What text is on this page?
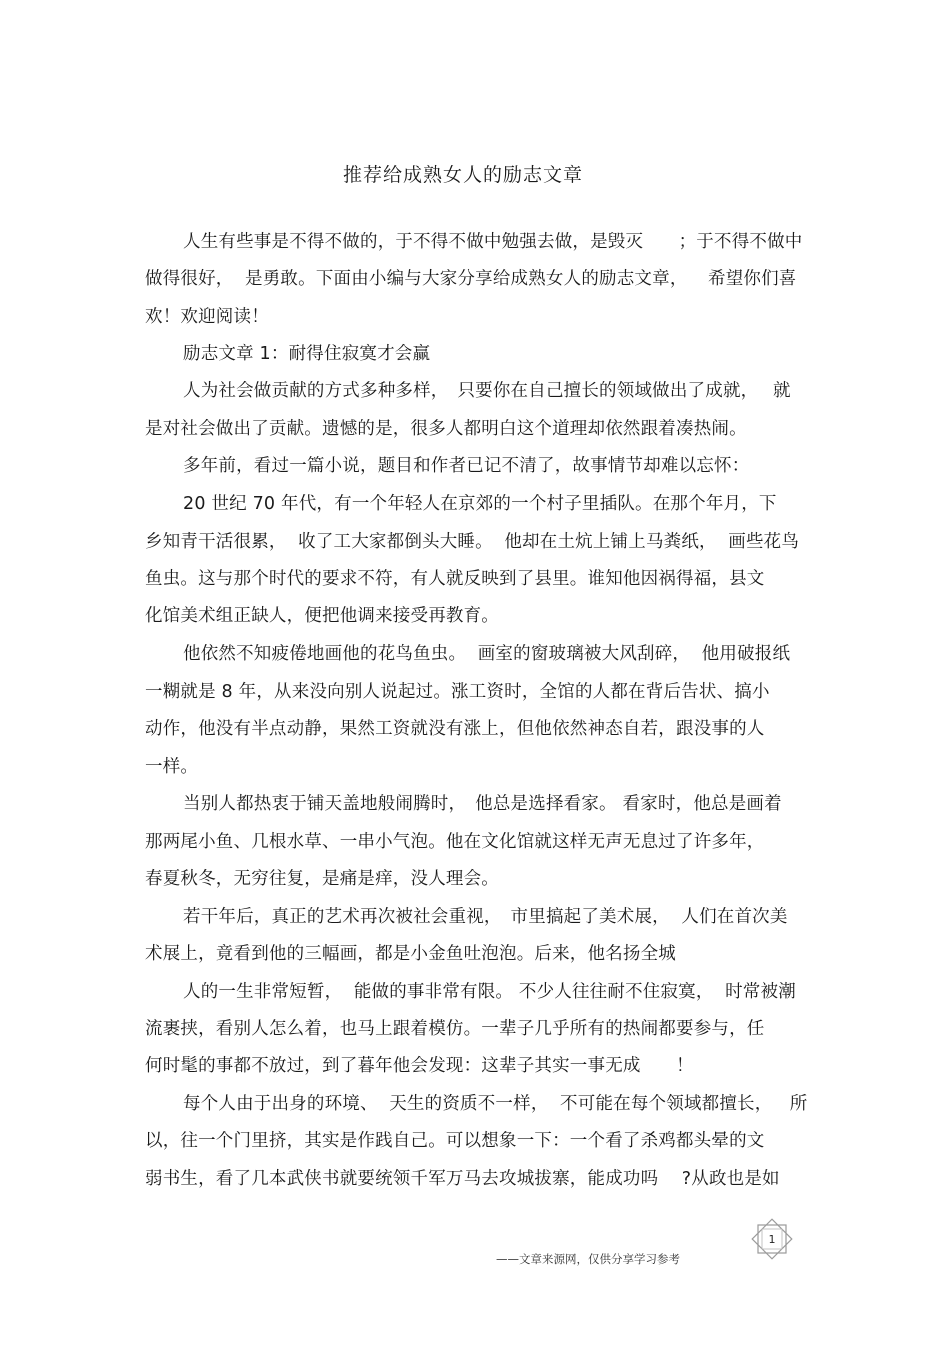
推荐给成熟女人的励志文章
人生有些事是不得不做的，于不得不做中勉强去做，是毁灭　　；于不得不做中
做得很好，  是勇敢。下面由小编与大家分享给成熟女人的励志文章，　  希望你们喜
欢！欢迎阅读！
励志文章 1：耐得住寂寞才会赢
人为社会做贡献的方式多种多样，　只要你在自己擅长的领域做出了成就，　 就
是对社会做出了贡献。遗憾的是，很多人都明白这个道理却依然跟着凑热闹。
多年前，看过一篇小说，题目和作者已记不清了，故事情节却难以忘怀：
20 世纪 70 年代，有一个年轻人在京郊的一个村子里插队。在那个年月，下
乡知青干活很累，  收了工大家都倒头大睡。  他却在土炕上铺上马粪纸，  画些花鸟
鱼虫。这与那个时代的要求不符，有人就反映到了县里。谁知他因祸得福，县文
化馆美术组正缺人，便把他调来接受再教育。
他依然不知疲倦地画他的花鸟鱼虫。  画室的窗玻璃被大风刮碎，  他用破报纸
一糊就是 8 年，从来没向别人说起过。涨工资时，全馆的人都在背后告状、搞小
动作，他没有半点动静，果然工资就没有涨上，但他依然神态自若，跟没事的人
一样。
当别人都热衷于铺天盖地般闹腾时，　他总是选择看家。 看家时，他总是画着
那两尾小鱼、几根水草、一串小气泡。他在文化馆就这样无声无息过了许多年，
春夏秋冬，无穷往复，是痛是痒，没人理会。
若干年后，真正的艺术再次被社会重视，　市里搞起了美术展，  人们在首次美
术展上，竟看到他的三幅画，都是小金鱼吐泡泡。后来，他名扬全城
人的一生非常短暂，  能做的事非常有限。 不少人往往耐不住寂寞，  时常被潮
流裹挟，看别人怎么着，也马上跟着模仿。一辈子几乎所有的热闹都要参与，任
何时髦的事都不放过，到了暮年他会发现：这辈子其实一事无成　　！
每个人由于出身的环境、  天生的资质不一样，  不可能在每个领域都擅长，   所
以，往一个门里挤，其实是作践自己。可以想象一下：一个看了杀鸡都头晕的文
弱书生，看了几本武侠书就要统领千军万马去攻城拔寨，能成功吗　 ?从政也是如
——文章来源网，仅供分享学习参考
1
